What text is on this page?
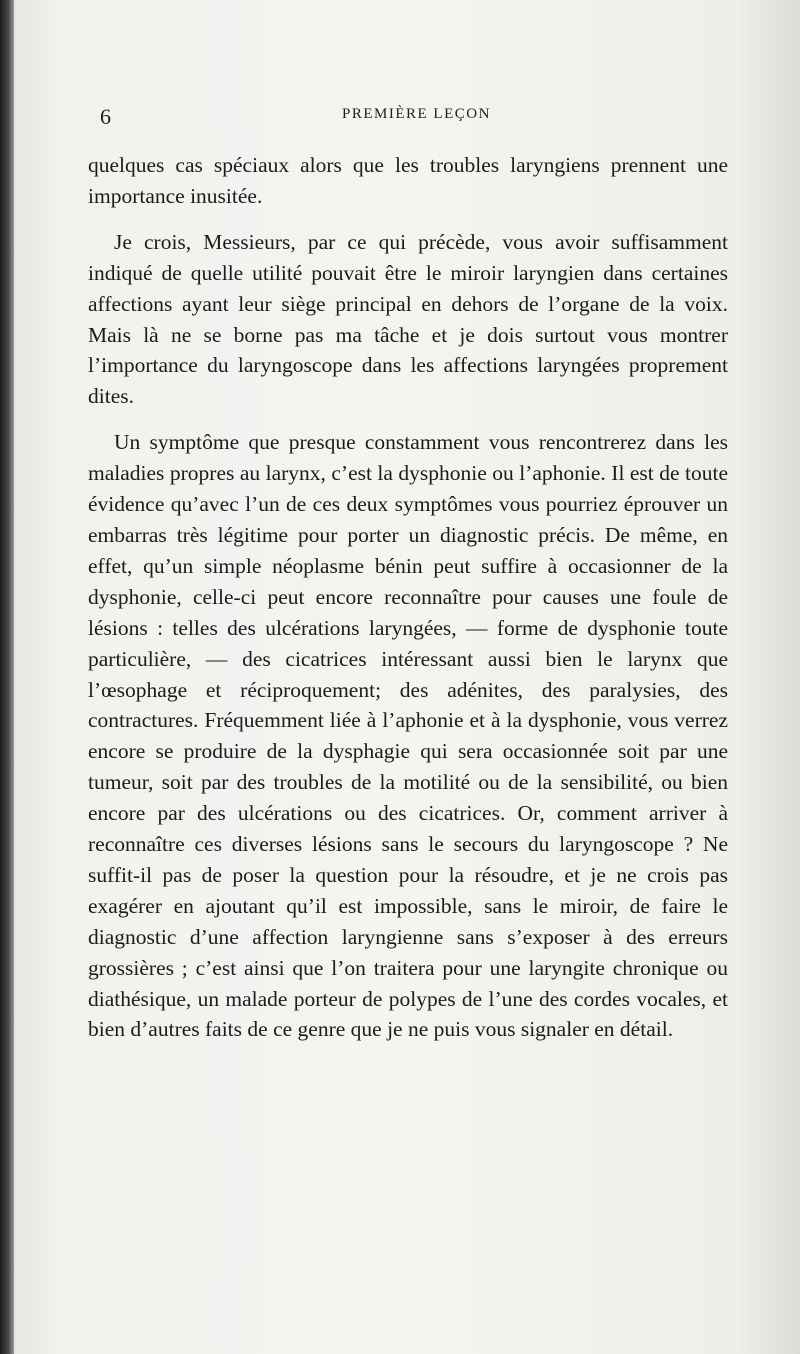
6	PREMIÈRE LEÇON

quelques cas spéciaux alors que les troubles laryngiens prennent une importance inusitée.

Je crois, Messieurs, par ce qui précède, vous avoir suffisamment indiqué de quelle utilité pouvait être le miroir laryngien dans certaines affections ayant leur siège principal en dehors de l’organe de la voix. Mais là ne se borne pas ma tâche et je dois surtout vous montrer l’importance du laryngoscope dans les affections laryngées proprement dites.

Un symptôme que presque constamment vous rencontrerez dans les maladies propres au larynx, c’est la dysphonie ou l’aphonie. Il est de toute évidence qu’avec l’un de ces deux symptômes vous pourriez éprouver un embarras très légitime pour porter un diagnostic précis. De même, en effet, qu’un simple néoplasme bénin peut suffire à occasionner de la dysphonie, celle-ci peut encore reconnaître pour causes une foule de lésions : telles des ulcérations laryngées, — forme de dysphonie toute particulière, — des cicatrices intéressant aussi bien le larynx que l’œsophage et réciproquement; des adénites, des paralysies, des contractures. Fréquemment liée à l’aphonie et à la dysphonie, vous verrez encore se produire de la dysphagie qui sera occasionnée soit par une tumeur, soit par des troubles de la motilité ou de la sensibilité, ou bien encore par des ulcérations ou des cicatrices. Or, comment arriver à reconnaître ces diverses lésions sans le secours du laryngoscope ? Ne suffit-il pas de poser la question pour la résoudre, et je ne crois pas exagérer en ajoutant qu’il est impossible, sans le miroir, de faire le diagnostic d’une affection laryngienne sans s’exposer à des erreurs grossières ; c’est ainsi que l’on traitera pour une laryngite chronique ou diathésique, un malade porteur de polypes de l’une des cordes vocales, et bien d’autres faits de ce genre que je ne puis vous signaler en détail.
